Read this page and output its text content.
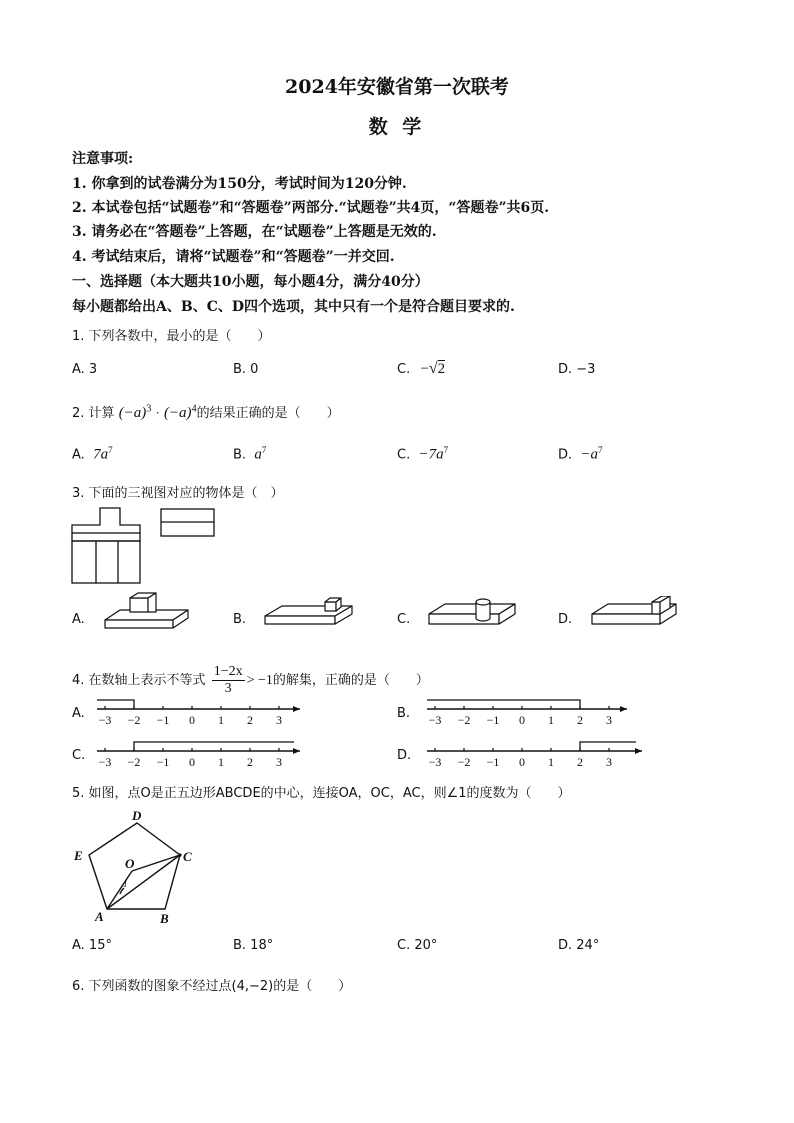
2024年安徽省第一次联考
数 学
注意事项:
1. 你拿到的试卷满分为150分，考试时间为120分钟.
2. 本试卷包括“试题卷”和“答题卷”两部分.“试题卷”共4页，“答题卷”共6页.
3. 请务必在“答题卷”上答题，在“试题卷”上答题是无效的.
4. 考试结束后，请将“试题卷”和“答题卷”一并交回.
一、选择题（本大题共10小题，每小题4分，满分40分）
每小题都给出A、B、C、D四个选项，其中只有一个是符合题目要求的.
1. 下列各数中，最小的是（　　）
A. 3	B. 0	C. −√2	D. −3
2. 计算 $(-a)^3 \cdot (-a)^4$的结果正确的是（　　）
A. $7a^7$	B. $a^7$	C. $-7a^7$	D. $-a^7$
3. 下面的三视图对应的物体是（　）
A.	B.	C.	D.
4. 在数轴上表示不等式 $\frac{1-2x}{3} > -1$的解集，正确的是（　　）
A. −3 −2 −1 0 1 2 3	B. −3 −2 −1 0 1 2 3
C. −3 −2 −1 0 1 2 3	D. −3 −2 −1 0 1 2 3
5. 如图，点O是正五边形ABCDE的中心，连接OA，OC，AC，则∠1的度数为（　　）
D
C
E
A	B
O
1
A. 15°	B. 18°	C. 20°	D. 24°
6. 下列函数的图象不经过点(4,−2)的是（　　）
